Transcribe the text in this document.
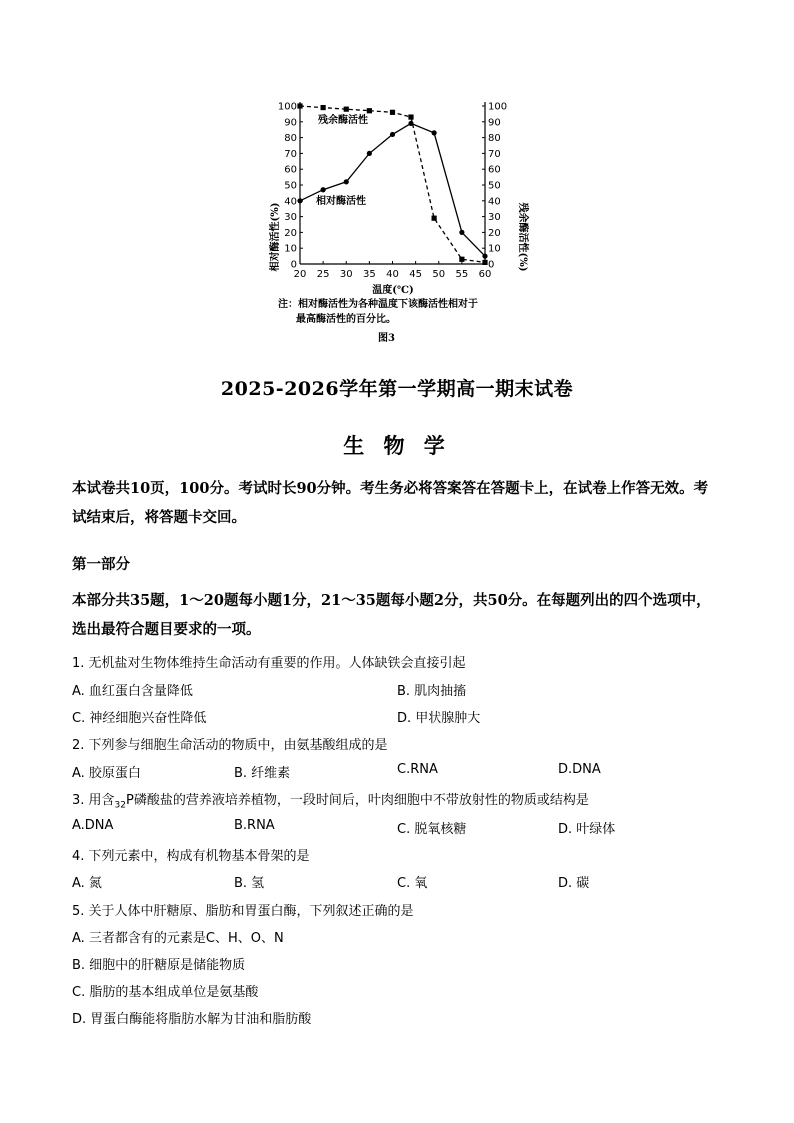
100
90
80
70
60
50
40
30
20
10
0
100
90
80
70
60
50
40
30
20
10
0
20 25 30 35 40 45 50 55 60
相对酶活性(%)	残余酶活性(%)
残余酶活性
相对酶活性
温度(℃)
注：相对酶活性为各种温度下该酶活性相对于
最高酶活性的百分比。
图3
2025-2026学年第一学期高一期末试卷
生 物 学
本试卷共10页，100分。考试时长90分钟。考生务必将答案答在答题卡上，在试卷上作答无效。考试结束后，将答题卡交回。
第一部分
本部分共35题，1～20题每小题1分，21～35题每小题2分，共50分。在每题列出的四个选项中，选出最符合题目要求的一项。
1. 无机盐对生物体维持生命活动有重要的作用。人体缺铁会直接引起
A. 血红蛋白含量降低	B. 肌肉抽搐
C. 神经细胞兴奋性降低	D. 甲状腺肿大
2. 下列参与细胞生命活动的物质中，由氨基酸组成的是
A. 胶原蛋白	B. 纤维素	C.RNA	D.DNA
3. 用含$_{32}$P磷酸盐的营养液培养植物，一段时间后，叶肉细胞中不带放射性的物质或结构是
A.DNA	B.RNA	C. 脱氧核糖	D. 叶绿体
4. 下列元素中，构成有机物基本骨架的是
A. 氮	B. 氢	C. 氧	D. 碳
5. 关于人体中肝糖原、脂肪和胃蛋白酶，下列叙述正确的是
A. 三者都含有的元素是C、H、O、N
B. 细胞中的肝糖原是储能物质
C. 脂肪的基本组成单位是氨基酸
D. 胃蛋白酶能将脂肪水解为甘油和脂肪酸
